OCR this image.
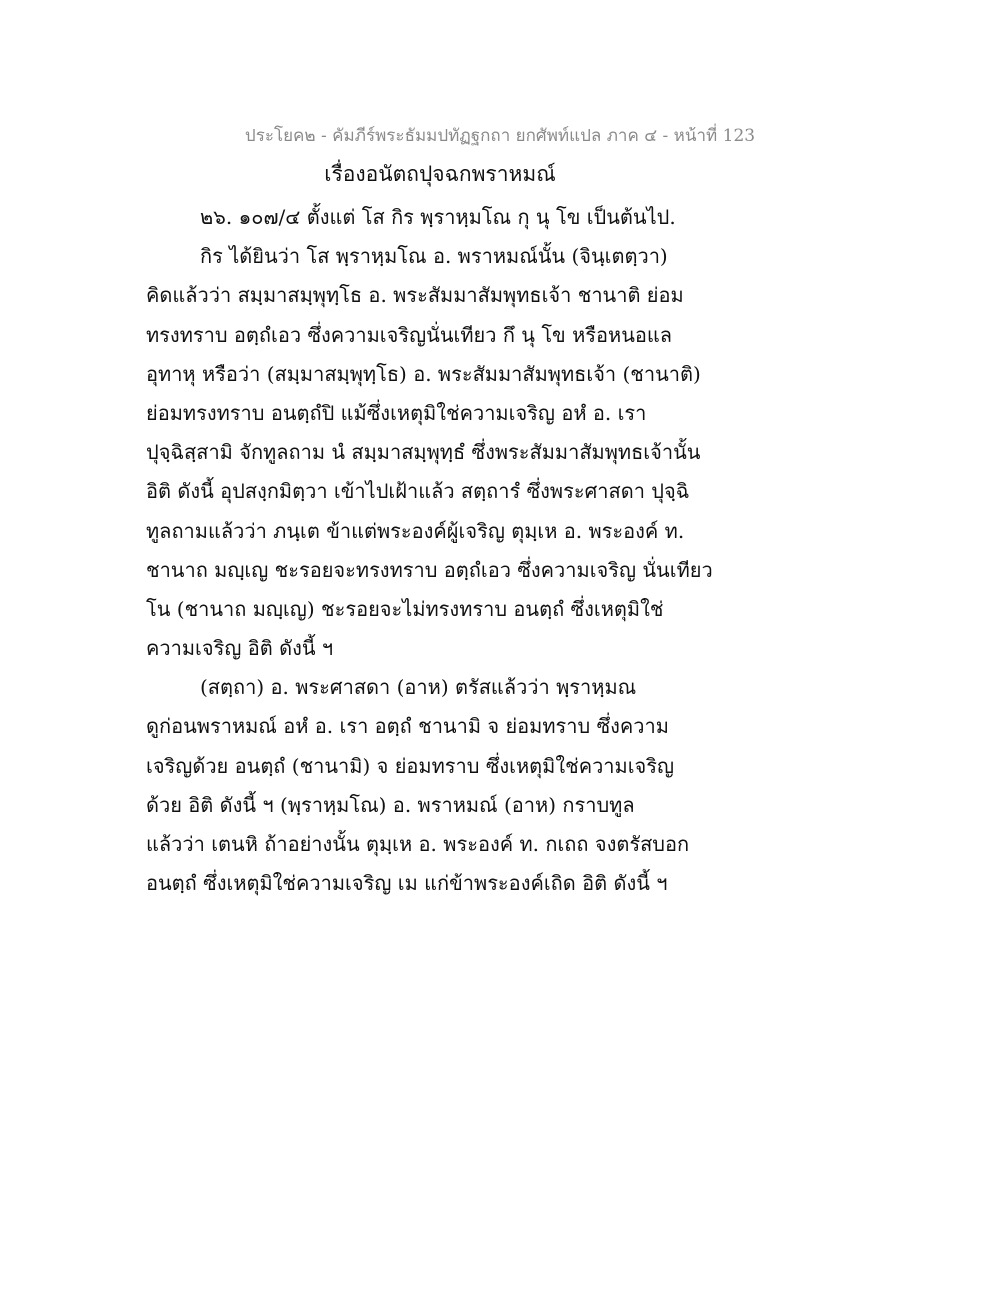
ประโยค๒ - คัมภีร์พระธัมมปทัฏฐกถา ยกศัพท์แปล ภาค ๔ - หน้าที่ 123
เรื่องอนัตถปุจฉกพราหมณ์
๒๖. ๑๐๗/๔ ตั้งแต่ โส กิร พฺราหฺมโณ กุ นุ โข เป็นต้นไป.
กิร ได้ยินว่า โส พฺราหฺมโณ อ. พราหมณ์นั้น (จินฺเตตฺวา)
คิดแล้วว่า สมฺมาสมฺพุทฺโธ อ. พระสัมมาสัมพุทธเจ้า ชานาติ ย่อม
ทรงทราบ อตฺถํเอว ซึ่งความเจริญนั่นเทียว กึ นุ โข หรือหนอแล
อุทาหุ หรือว่า (สมฺมาสมฺพุทฺโธ) อ. พระสัมมาสัมพุทธเจ้า (ชานาติ)
ย่อมทรงทราบ อนตฺถํปิ แม้ซึ่งเหตุมิใช่ความเจริญ อหํ อ. เรา
ปุจฺฉิสฺสามิ จักทูลถาม นํ สมฺมาสมฺพุทฺธํ ซึ่งพระสัมมาสัมพุทธเจ้านั้น
อิติ ดังนี้ อุปสงฺกมิตฺวา เข้าไปเฝ้าแล้ว สตฺถารํ ซึ่งพระศาสดา ปุจฺฉิ
ทูลถามแล้วว่า ภนฺเต ข้าแต่พระองค์ผู้เจริญ ตุมฺเห อ. พระองค์ ท.
ชานาถ มญฺเญ ชะรอยจะทรงทราบ อตฺถํเอว ซึ่งความเจริญ นั่นเทียว
โน (ชานาถ มญฺเญ) ชะรอยจะไม่ทรงทราบ อนตฺถํ ซึ่งเหตุมิใช่
ความเจริญ อิติ ดังนี้ ฯ
(สตฺถา) อ. พระศาสดา (อาห) ตรัสแล้วว่า พฺราหฺมณ
ดูก่อนพราหมณ์ อหํ อ. เรา อตฺถํ ชานามิ จ ย่อมทราบ ซึ่งความ
เจริญด้วย อนตฺถํ (ชานามิ) จ ย่อมทราบ ซึ่งเหตุมิใช่ความเจริญ
ด้วย อิติ ดังนี้ ฯ (พฺราหฺมโณ) อ. พราหมณ์ (อาห) กราบทูล
แล้วว่า เตนหิ ถ้าอย่างนั้น ตุมฺเห อ. พระองค์ ท. กเถถ จงตรัสบอก
อนตฺถํ ซึ่งเหตุมิใช่ความเจริญ เม แก่ข้าพระองค์เถิด อิติ ดังนี้ ฯ
